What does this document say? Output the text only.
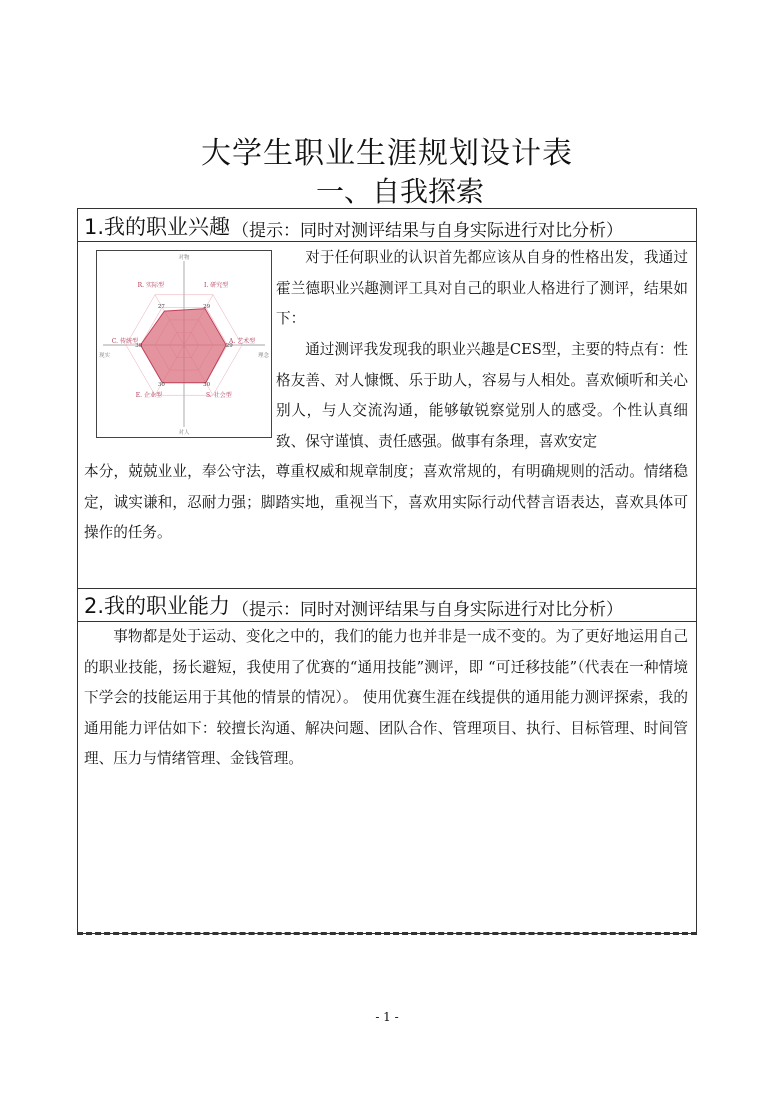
大学生职业生涯规划设计表
一、自我探索
1.我的职业兴趣 （提示：同时对测评结果与自身实际进行对比分析）
对物
对人
现实	理念
29
I. 研究型
29
A. 艺术型
30
S. 社会型
30
E. 企业型
30
C. 传统型
27
R. 实际型
对于任何职业的认识首先都应该从自身的性格出发，我通过霍兰德职业兴趣测评工具对自己的职业人格进行了测评，结果如下：
通过测评我发现我的职业兴趣是CES型，主要的特点有：性格友善、对人慷慨、乐于助人，容易与人相处。喜欢倾听和关心别人，与人交流沟通，能够敏锐察觉别人的感受。个性认真细致、保守谨慎、责任感强。做事有条理，喜欢安定
本分，兢兢业业，奉公守法，尊重权威和规章制度；喜欢常规的，有明确规则的活动。情绪稳定，诚实谦和，忍耐力强；脚踏实地，重视当下，喜欢用实际行动代替言语表达，喜欢具体可操作的任务。
2.我的职业能力 （提示：同时对测评结果与自身实际进行对比分析）
事物都是处于运动、变化之中的，我们的能力也并非是一成不变的。为了更好地运用自己的职业技能，扬长避短，我使用了优赛的“通用技能”测评，即 “可迁移技能”（代表在一种情境下学会的技能运用于其他的情景的情况）。 使用优赛生涯在线提供的通用能力测评探索，我的通用能力评估如下：较擅长沟通、解决问题、团队合作、管理项目、执行、目标管理、时间管理、压力与情绪管理、金钱管理。
- 1 -
